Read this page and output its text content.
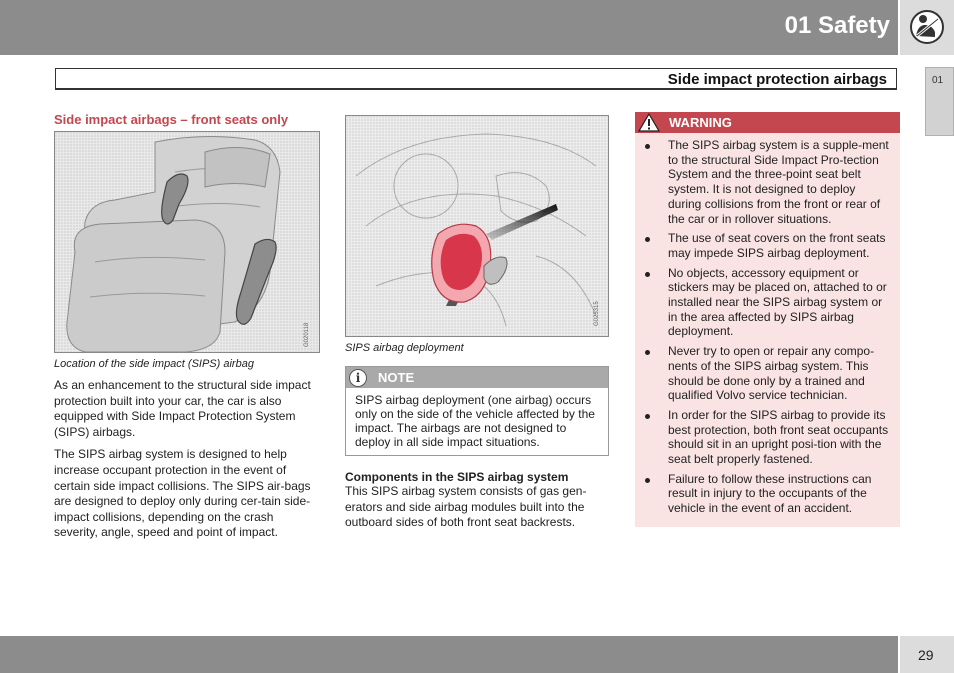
01 Safety
Side impact protection airbags	01
Side impact airbags – front seats only
G020118
Location of the side impact (SIPS) airbag

As an enhancement to the structural side impact protection built into your car, the car is also equipped with Side Impact Protection System (SIPS) airbags.

The SIPS airbag system is designed to help increase occupant protection in the event of certain side impact collisions. The SIPS air-bags are designed to deploy only during cer-tain side-impact collisions, depending on the crash severity, angle, speed and point of impact.

G025315
SIPS airbag deployment
i	NOTE
SIPS airbag deployment (one airbag) occurs only on the side of the vehicle affected by the impact. The airbags are not designed to deploy in all side impact situations.
Components in the SIPS airbag system

This SIPS airbag system consists of gas gen-erators and side airbag modules built into the outboard sides of both front seat backrests.

WARNING
The SIPS airbag system is a supple-ment to the structural Side Impact Pro-tection System and the three-point seat belt system. It is not designed to deploy during collisions from the front or rear of the car or in rollover situations.
The use of seat covers on the front seats may impede SIPS airbag deployment.
No objects, accessory equipment or stickers may be placed on, attached to or installed near the SIPS airbag system or in the area affected by SIPS airbag deployment.
Never try to open or repair any compo-nents of the SIPS airbag system. This should be done only by a trained and qualified Volvo service technician.
In order for the SIPS airbag to provide its best protection, both front seat occupants should sit in an upright posi-tion with the seat belt properly fastened.
Failure to follow these instructions can result in injury to the occupants of the vehicle in the event of an accident.
29
